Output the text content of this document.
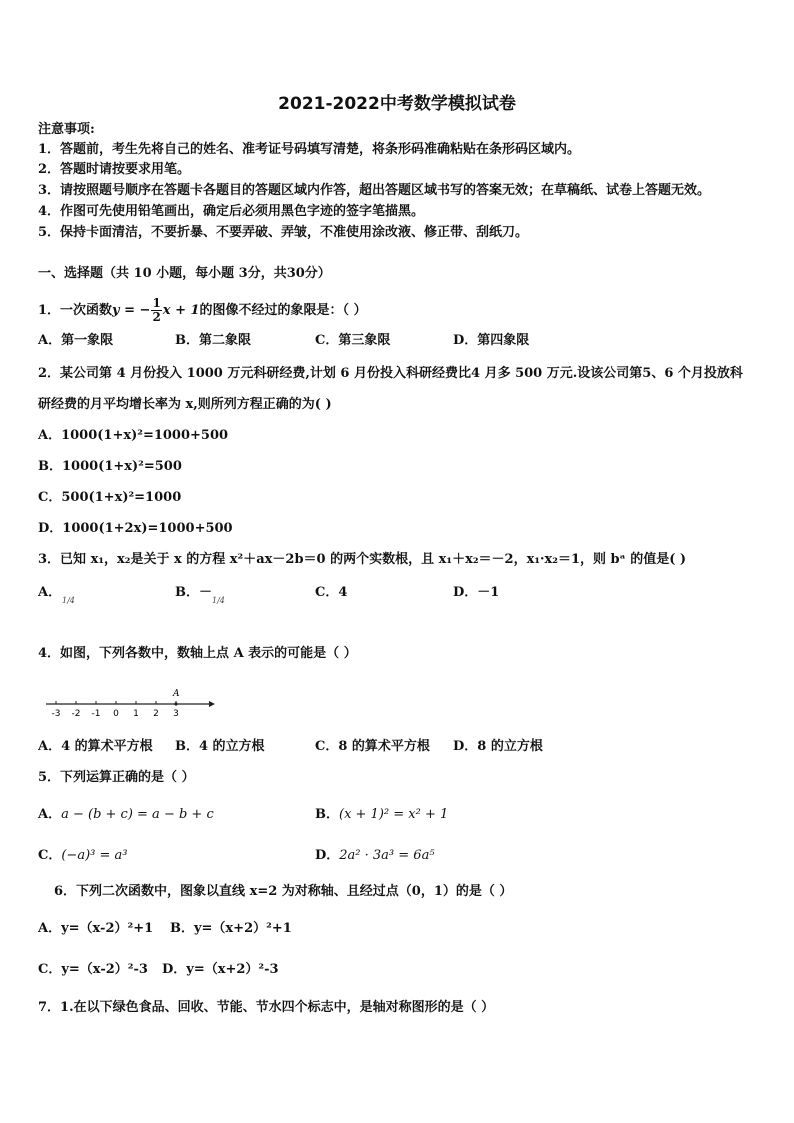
2021-2022中考数学模拟试卷
注意事项:
1．答题前，考生先将自己的姓名、准考证号码填写清楚，将条形码准确粘贴在条形码区域内。
2．答题时请按要求用笔。
3．请按照题号顺序在答题卡各题目的答题区域内作答，超出答题区域书写的答案无效；在草稿纸、试卷上答题无效。
4．作图可先使用铅笔画出，确定后必须用黑色字迹的签字笔描黑。
5．保持卡面清洁，不要折暴、不要弄破、弄皱，不准使用涂改液、修正带、刮纸刀。
一、选择题（共 10 小题，每小题 3分，共30分）
1．一次函数y = − $\frac{1}{2}$ x + 1的图像不经过的象限是：（ ）
A．第一象限	B．第二象限	C．第三象限	D．第四象限
2．某公司第 4 月份投入 1000 万元科研经费,计划 6 月份投入科研经费比4 月多 500 万元.设该公司第5、6 个月投放科
研经费的月平均增长率为 x,则所列方程正确的为( )
A．1000(1+x)²=1000+500
B．1000(1+x)²=500
C．500(1+x)²=1000
D．1000(1+2x)=1000+500
3．已知 x₁，x₂是关于 x 的方程 x²＋ax－2b＝0 的两个实数根，且 x₁＋x₂＝－2，x₁·x₂＝1，则 bᵃ 的值是( )
A．
1/4
B．－
1/4
C．4	D．－1
4．如图，下列各数中，数轴上点 A 表示的可能是（ ）
-3 -2 -1 0 1 2 3
A
A．4 的算术平方根 B．4 的立方根	C．8 的算术平方根 D．8 的立方根
5．下列运算正确的是（ ）
A．a − (b + c) = a − b + c	B．(x + 1)² = x² + 1
C．(−a)³ = a³	D．2a² · 3a³ = 6a⁵
6．下列二次函数中，图象以直线 x=2 为对称轴、且经过点（0，1）的是（ ）
A．y=（x-2）²+1 B．y=（x+2）²+1
C．y=（x-2）²-3 D．y=（x+2）²-3
7．1.在以下绿色食品、回收、节能、节水四个标志中，是轴对称图形的是（ ）
